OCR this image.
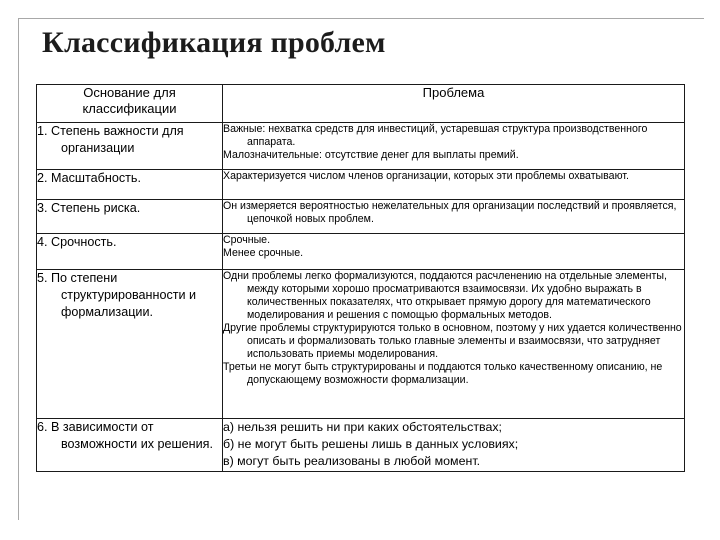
Классификация проблем
Основание для классификации	Проблема

1. Степень важности для организации	Важные: нехватка средств для инвестиций, устаревшая структура производственного аппарата.

Малозначительные: отсутствие денег для выплаты премий.

2. Масштабность.	Характеризуется числом членов организации, которых эти проблемы охватывают.

3. Степень риска.	Он измеряется вероятностью нежелательных для организации последствий и проявляется, цепочкой новых проблем.

4. Срочность.	Срочные.

Менее срочные.

5. По степени структурированности и формализации.	Одни проблемы легко формализуются, поддаются расчленению на отдельные элементы, между которыми хорошо просматриваются взаимосвязи. Их удобно выражать в количественных показателях, что открывает прямую дорогу для математического моделирования и решения с помощью формальных методов.

Другие проблемы структурируются только в основном, поэтому у них удается количественно описать и формализовать только главные элементы и взаимосвязи, что затрудняет использовать приемы моделирования.

Третьи не могут быть структурированы и поддаются только качественному описанию, не допускающему возможности формализации.

6. В зависимости от возможности их решения.	а) нельзя решить ни при каких обстоятельствах;

б) не могут быть решены лишь в данных условиях;

в) могут быть реализованы в любой момент.
